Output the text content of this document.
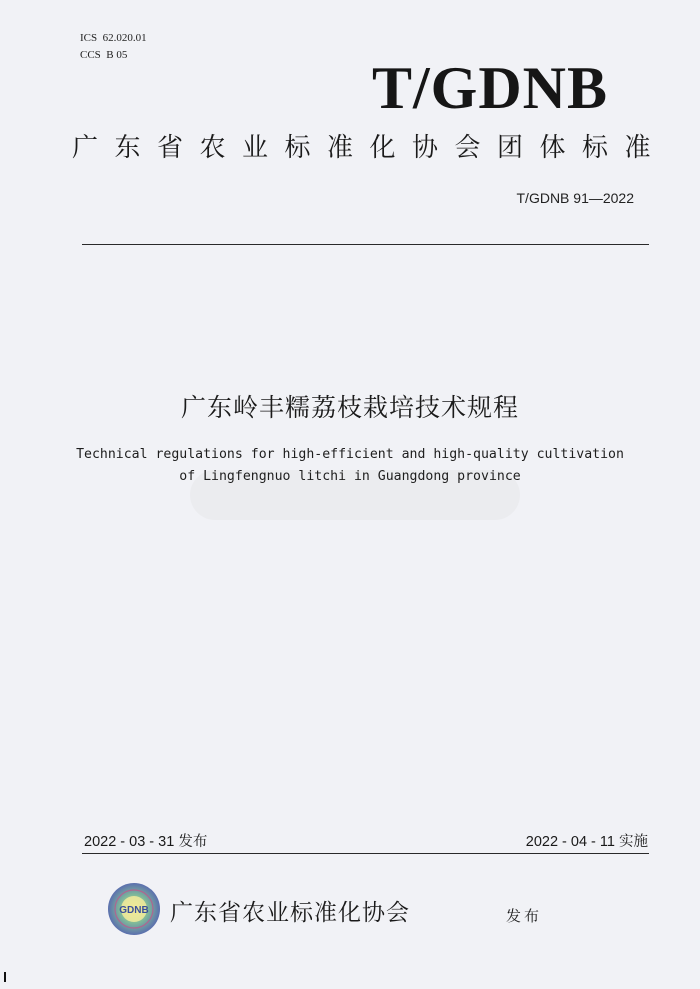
ICS  62.020.01
CCS  B 05	T/GDNB
广东省农业标准化协会团体标准
T/GDNB 91—2022
广东岭丰糯荔枝栽培技术规程
Technical regulations for high-efficient and high-quality cultivation
of Lingfengnuo litchi in Guangdong province
2022 - 03 - 31 发布	2022 - 04 - 11 实施
GDNB 广东省农业标准化协会	发布
